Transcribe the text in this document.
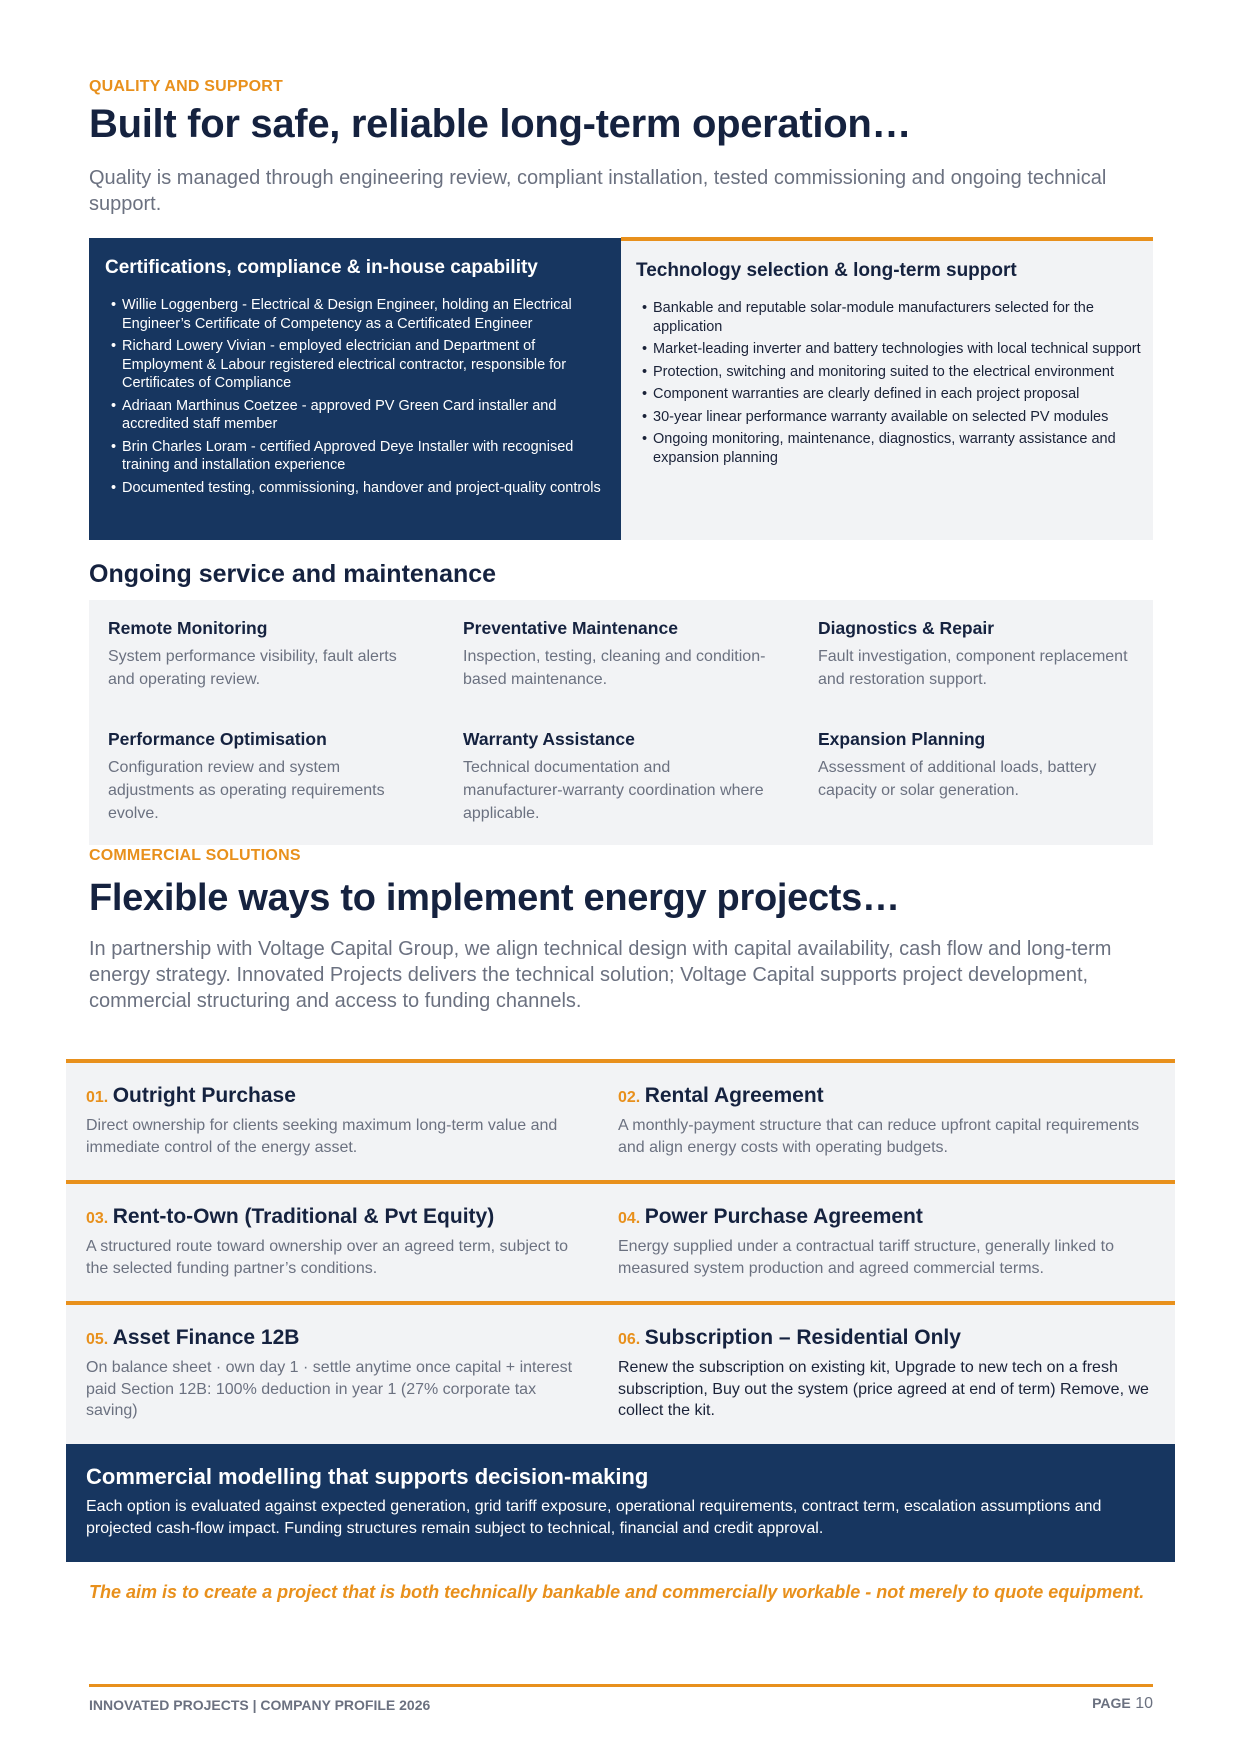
QUALITY AND SUPPORT
Built for safe, reliable long-term operation…
Quality is managed through engineering review, compliant installation, tested commissioning and ongoing technical support.
Certifications, compliance & in-house capability
• Willie Loggenberg - Electrical & Design Engineer, holding an Electrical Engineer’s Certificate of Competency as a Certificated Engineer
• Richard Lowery Vivian - employed electrician and Department of Employment & Labour registered electrical contractor, responsible for Certificates of Compliance
• Adriaan Marthinus Coetzee - approved PV Green Card installer and accredited staff member
• Brin Charles Loram - certified Approved Deye Installer with recognised training and installation experience
• Documented testing, commissioning, handover and project-quality controls
Technology selection & long-term support
• Bankable and reputable solar-module manufacturers selected for the application
• Market-leading inverter and battery technologies with local technical support
• Protection, switching and monitoring suited to the electrical environment
• Component warranties are clearly defined in each project proposal
• 30-year linear performance warranty available on selected PV modules
• Ongoing monitoring, maintenance, diagnostics, warranty assistance and expansion planning
Ongoing service and maintenance
Remote Monitoring
System performance visibility, fault alerts and operating review.
Preventative Maintenance
Inspection, testing, cleaning and condition-based maintenance.
Diagnostics & Repair
Fault investigation, component replacement and restoration support.
Performance Optimisation
Configuration review and system adjustments as operating requirements evolve.
Warranty Assistance
Technical documentation and manufacturer-warranty coordination where applicable.
Expansion Planning
Assessment of additional loads, battery capacity or solar generation.
COMMERCIAL SOLUTIONS
Flexible ways to implement energy projects…
In partnership with Voltage Capital Group, we align technical design with capital availability, cash flow and long-term energy strategy. Innovated Projects delivers the technical solution; Voltage Capital supports project development, commercial structuring and access to funding channels.
01. Outright Purchase
Direct ownership for clients seeking maximum long-term value and immediate control of the energy asset.
02. Rental Agreement
A monthly-payment structure that can reduce upfront capital requirements and align energy costs with operating budgets.
03. Rent-to-Own (Traditional & Pvt Equity)
A structured route toward ownership over an agreed term, subject to the selected funding partner’s conditions.
04. Power Purchase Agreement
Energy supplied under a contractual tariff structure, generally linked to measured system production and agreed commercial terms.
05. Asset Finance 12B
On balance sheet · own day 1 · settle anytime once capital + interest paid Section 12B: 100% deduction in year 1 (27% corporate tax saving)
06. Subscription – Residential Only
Renew the subscription on existing kit, Upgrade to new tech on a fresh subscription, Buy out the system (price agreed at end of term) Remove, we collect the kit.
Commercial modelling that supports decision-making
Each option is evaluated against expected generation, grid tariff exposure, operational requirements, contract term, escalation assumptions and projected cash-flow impact. Funding structures remain subject to technical, financial and credit approval.
The aim is to create a project that is both technically bankable and commercially workable - not merely to quote equipment.
INNOVATED PROJECTS | COMPANY PROFILE 2026	PAGE 10
